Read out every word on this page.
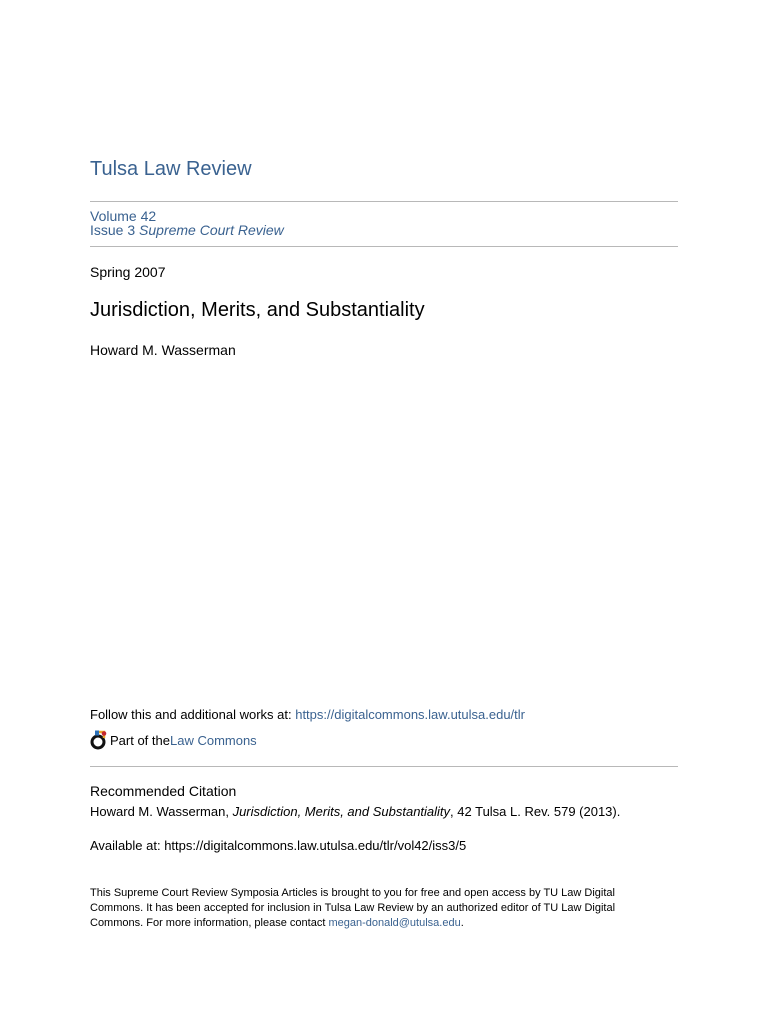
Tulsa Law Review
Volume 42
Issue 3 Supreme Court Review
Spring 2007
Jurisdiction, Merits, and Substantiality
Howard M. Wasserman
Follow this and additional works at: https://digitalcommons.law.utulsa.edu/tlr
Part of the Law Commons
Recommended Citation
Howard M. Wasserman, Jurisdiction, Merits, and Substantiality, 42 Tulsa L. Rev. 579 (2013).
Available at: https://digitalcommons.law.utulsa.edu/tlr/vol42/iss3/5
This Supreme Court Review Symposia Articles is brought to you for free and open access by TU Law Digital Commons. It has been accepted for inclusion in Tulsa Law Review by an authorized editor of TU Law Digital Commons. For more information, please contact megan-donald@utulsa.edu.
